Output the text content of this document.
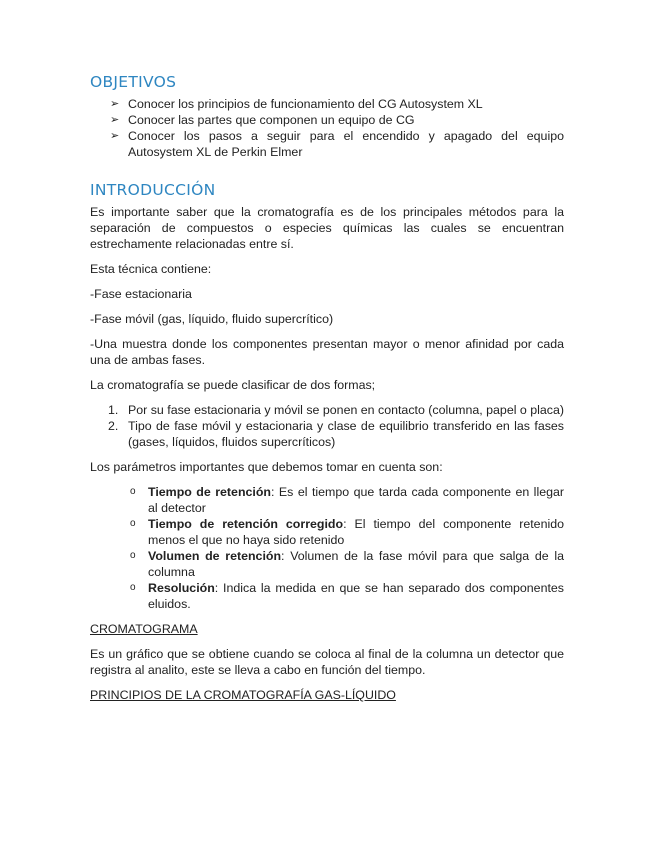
OBJETIVOS
➢ Conocer los principios de funcionamiento del CG Autosystem XL
➢ Conocer las partes que componen un equipo de CG
➢ Conocer los pasos a seguir para el encendido y apagado del equipo Autosystem XL de Perkin Elmer
INTRODUCCIÓN

Es importante saber que la cromatografía es de los principales métodos para la separación de compuestos o especies químicas las cuales se encuentran estrechamente relacionadas entre sí.

Esta técnica contiene:

-Fase estacionaria

-Fase móvil (gas, líquido, fluido supercrítico)

-Una muestra donde los componentes presentan mayor o menor afinidad por cada una de ambas fases.

La cromatografía se puede clasificar de dos formas;

1. Por su fase estacionaria y móvil se ponen en contacto (columna, papel o placa)
2. Tipo de fase móvil y estacionaria y clase de equilibrio transferido en las fases (gases, líquidos, fluidos supercríticos)

Los parámetros importantes que debemos tomar en cuenta son:

o Tiempo de retención: Es el tiempo que tarda cada componente en llegar al detector
o Tiempo de retención corregido: El tiempo del componente retenido menos el que no haya sido retenido
o Volumen de retención: Volumen de la fase móvil para que salga de la columna
o Resolución: Indica la medida en que se han separado dos componentes eluidos.

CROMATOGRAMA

Es un gráfico que se obtiene cuando se coloca al final de la columna un detector que registra al analito, este se lleva a cabo en función del tiempo.

PRINCIPIOS DE LA CROMATOGRAFÍA GAS-LÍQUIDO
